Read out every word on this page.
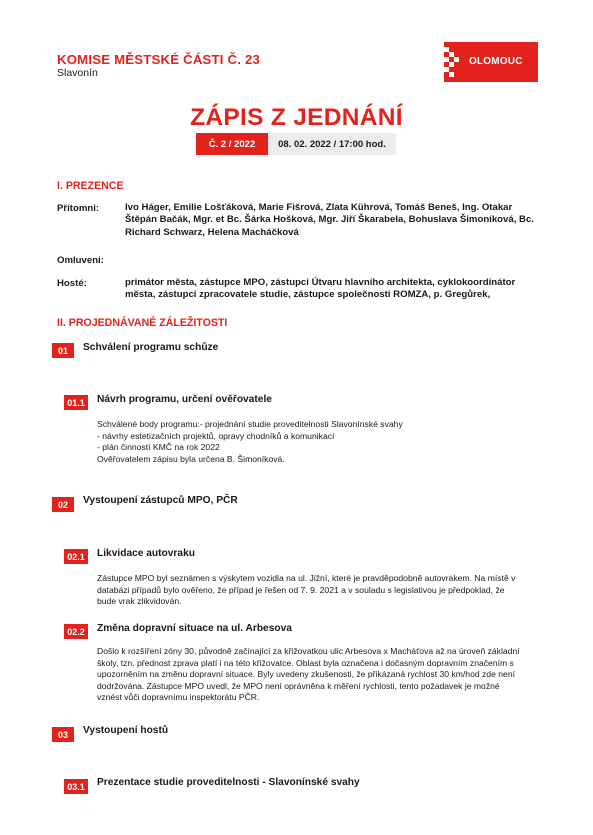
KOMISE MĚSTSKÉ ČÁSTI Č. 23
Slavonín
OLOMOUC
ZÁPIS Z JEDNÁNÍ
Č. 2 / 2022	08. 02. 2022 / 17:00 hod.
I. PREZENCE
Přítomni:	Ivo Háger, Emilie Lošťáková, Marie Fišrová, Zlata Kührová, Tomáš Beneš, Ing. Otakar
Štěpán Bačák, Mgr. et Bc. Šárka Hošková, Mgr. Jiří Škarabela, Bohuslava Šimoníková, Bc.
Richard Schwarz, Helena Macháčková
Omluveni:
Hosté:	primátor města, zástupce MPO, zástupci Útvaru hlavního architekta, cyklokoordinátor
města, zástupci zpracovatele studie, zástupce společnosti ROMZA, p. Gregůrek,
II. PROJEDNÁVANÉ ZÁLEŽITOSTI
01	Schválení programu schůze
01.1	Návrh programu, určení ověřovatele
Schválené body programu:- projednání studie proveditelnosti Slavonínské svahy
- návrhy estetizačních projektů, opravy chodníků a komunikací
- plán činností KMČ na rok 2022
Ověřovatelem zápisu byla určena B. Šimoníková.
02	Vystoupení zástupců MPO, PČR
02.1	Likvidace autovraku
Zástupce MPO byl seznámen s výskytem vozidla na ul. Jižní, které je pravděpodobně autovrakem. Na místě v
databázi případů bylo ověřeno, že případ je řešen od 7. 9. 2021 a v souladu s legislativou je předpoklad, že
bude vrak zlikvidován.
02.2	Změna dopravní situace na ul. Arbesova
Došlo k rozšíření zóny 30, původně začínající za křižovatkou ulic Arbesova x Macháťova až na úroveň základní
školy, tzn. přednost zprava platí i na této křižovatce. Oblast byla označena i dočasným dopravním značením s
upozorněním na změnu dopravní situace. Byly uvedeny zkušenosti, že přikázaná rychlost 30 km/hod zde není
dodržována. Zástupce MPO uvedl, že MPO není oprávněna k měření rychlosti, tento požadavek je možné
vznést vůči dopravnímu inspektorátu PČR.
03	Vystoupení hostů
03.1	Prezentace studie proveditelnosti - Slavonínské svahy
